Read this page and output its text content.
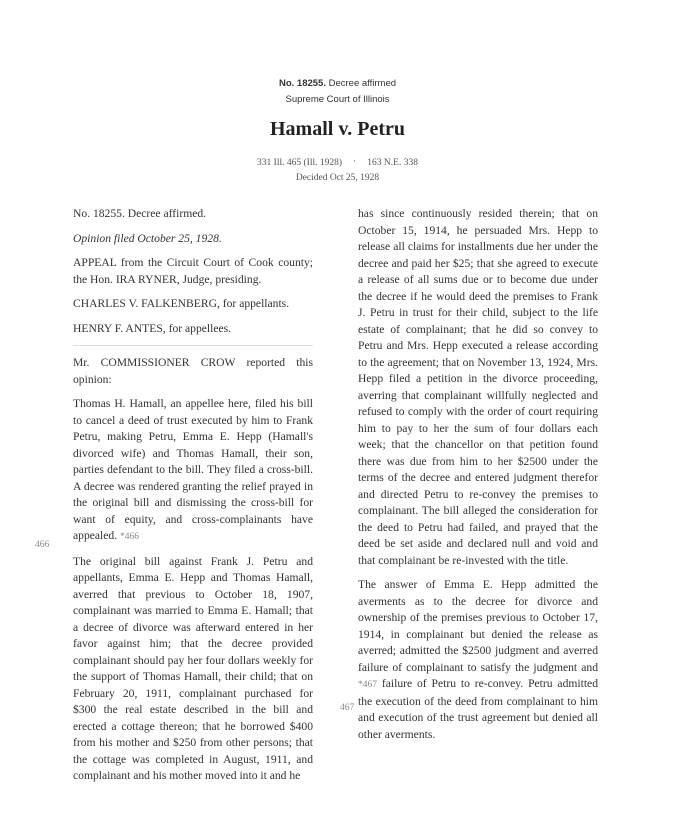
No. 18255. Decree affirmed
Supreme Court of Illinois
Hamall v. Petru
331 Ill. 465 (Ill. 1928) ' 163 N.E. 338
Decided Oct 25, 1928

No. 18255. Decree affirmed.

Opinion filed October 25, 1928.

APPEAL from the Circuit Court of Cook county; the Hon. IRA RYNER, Judge, presiding.

CHARLES V. FALKENBERG, for appellants.

HENRY F. ANTES, for appellees.

Mr. COMMISSIONER CROW reported this opinion:

Thomas H. Hamall, an appellee here, filed his bill to cancel a deed of trust executed by him to Frank Petru, making Petru, Emma E. Hepp (Hamall's divorced wife) and Thomas Hamall, their son, parties defendant to the bill. They filed a cross-bill. A decree was rendered granting the relief prayed in the original bill and dismissing the cross-bill for want of equity, and cross-complainants have appealed. *466

The original bill against Frank J. Petru and appellants, Emma E. Hepp and Thomas Hamall, averred that previous to October 18, 1907, complainant was married to Emma E. Hamall; that a decree of divorce was afterward entered in her favor against him; that the decree provided complainant should pay her four dollars weekly for the support of Thomas Hamall, their child; that on February 20, 1911, complainant purchased for $300 the real estate described in the bill and erected a cottage thereon; that he borrowed $400 from his mother and $250 from other persons; that the cottage was completed in August, 1911, and complainant and his mother moved into it and he

466

has since continuously resided therein; that on October 15, 1914, he persuaded Mrs. Hepp to release all claims for installments due her under the decree and paid her $25; that she agreed to execute a release of all sums due or to become due under the decree if he would deed the premises to Frank J. Petru in trust for their child, subject to the life estate of complainant; that he did so convey to Petru and Mrs. Hepp executed a release according to the agreement; that on November 13, 1924, Mrs. Hepp filed a petition in the divorce proceeding, averring that complainant willfully neglected and refused to comply with the order of court requiring him to pay to her the sum of four dollars each week; that the chancellor on that petition found there was due from him to her $2500 under the terms of the decree and entered judgment therefor and directed Petru to re-convey the premises to complainant. The bill alleged the consideration for the deed to Petru had failed, and prayed that the deed be set aside and declared null and void and that complainant be re-invested with the title.

The answer of Emma E. Hepp admitted the averments as to the decree for divorce and ownership of the premises previous to October 17, 1914, in complainant but denied the release as averred; admitted the $2500 judgment and averred failure of complainant to satisfy the judgment and *467 failure of Petru to re-convey. Petru admitted the execution of the deed from complainant to him and execution of the trust agreement but denied all other averments.

467
